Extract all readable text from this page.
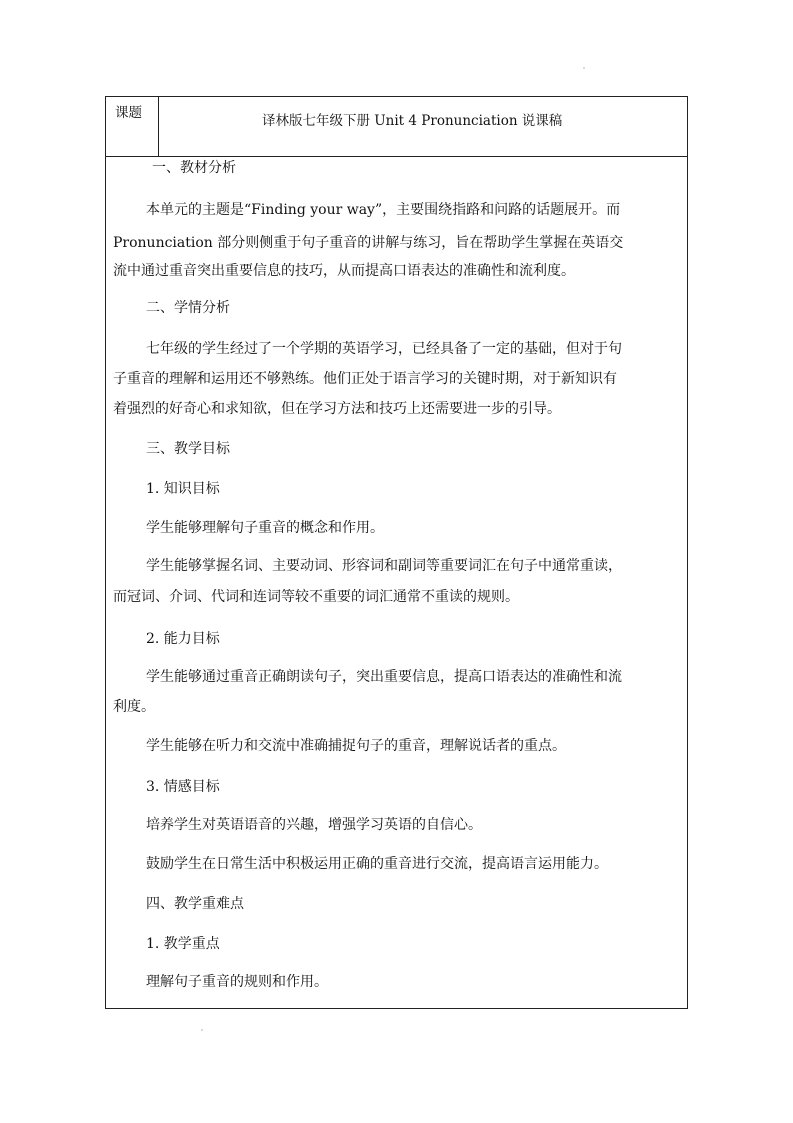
课题	译林版七年级下册 Unit 4 Pronunciation 说课稿
一、教材分析
本单元的主题是“Finding your way”，主要围绕指路和问路的话题展开。而
Pronunciation 部分则侧重于句子重音的讲解与练习，旨在帮助学生掌握在英语交
流中通过重音突出重要信息的技巧，从而提高口语表达的准确性和流利度。
二、学情分析
七年级的学生经过了一个学期的英语学习，已经具备了一定的基础，但对于句
子重音的理解和运用还不够熟练。他们正处于语言学习的关键时期，对于新知识有
着强烈的好奇心和求知欲，但在学习方法和技巧上还需要进一步的引导。
三、教学目标
1. 知识目标
学生能够理解句子重音的概念和作用。
学生能够掌握名词、主要动词、形容词和副词等重要词汇在句子中通常重读，
而冠词、介词、代词和连词等较不重要的词汇通常不重读的规则。
2. 能力目标
学生能够通过重音正确朗读句子，突出重要信息，提高口语表达的准确性和流
利度。
学生能够在听力和交流中准确捕捉句子的重音，理解说话者的重点。
3. 情感目标
培养学生对英语语音的兴趣，增强学习英语的自信心。
鼓励学生在日常生活中积极运用正确的重音进行交流，提高语言运用能力。
四、教学重难点
1. 教学重点
理解句子重音的规则和作用。
